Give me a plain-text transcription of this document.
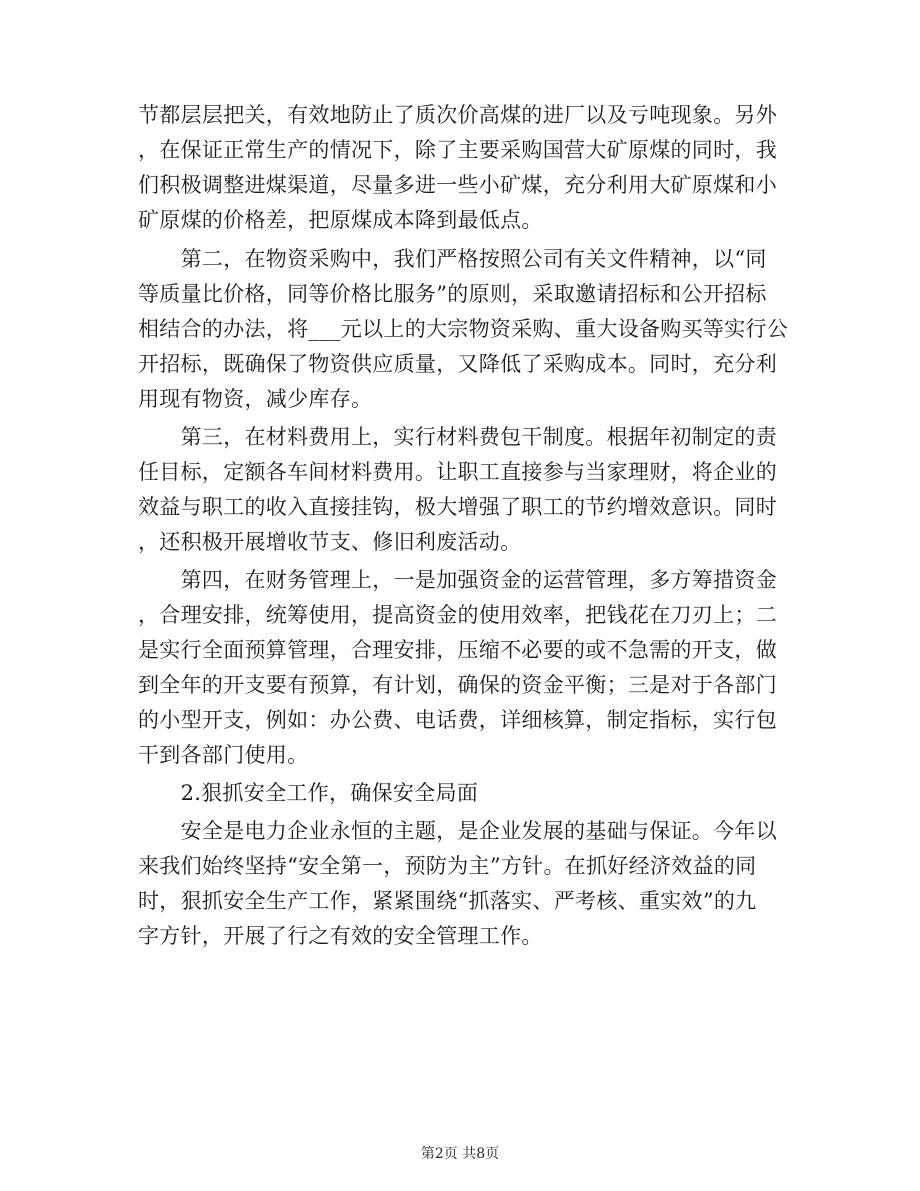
节都层层把关，有效地防止了质次价高煤的进厂以及亏吨现象。另外
，在保证正常生产的情况下，除了主要采购国营大矿原煤的同时，我
们积极调整进煤渠道，尽量多进一些小矿煤，充分利用大矿原煤和小
矿原煤的价格差，把原煤成本降到最低点。
　　第二，在物资采购中，我们严格按照公司有关文件精神，以“同
等质量比价格，同等价格比服务”的原则，采取邀请招标和公开招标
相结合的办法，将___元以上的大宗物资采购、重大设备购买等实行公
开招标，既确保了物资供应质量，又降低了采购成本。同时，充分利
用现有物资，减少库存。
　　第三，在材料费用上，实行材料费包干制度。根据年初制定的责
任目标，定额各车间材料费用。让职工直接参与当家理财，将企业的
效益与职工的收入直接挂钩，极大增强了职工的节约增效意识。同时
，还积极开展增收节支、修旧利废活动。
　　第四，在财务管理上，一是加强资金的运营管理，多方筹措资金
，合理安排，统筹使用，提高资金的使用效率，把钱花在刀刃上；二
是实行全面预算管理，合理安排，压缩不必要的或不急需的开支，做
到全年的开支要有预算，有计划，确保的资金平衡；三是对于各部门
的小型开支，例如：办公费、电话费，详细核算，制定指标，实行包
干到各部门使用。
　　2.狠抓安全工作，确保安全局面
　　安全是电力企业永恒的主题，是企业发展的基础与保证。今年以
来我们始终坚持“安全第一，预防为主”方针。在抓好经济效益的同
时，狠抓安全生产工作，紧紧围绕“抓落实、严考核、重实效”的九
字方针，开展了行之有效的安全管理工作。
第2页 共8页
